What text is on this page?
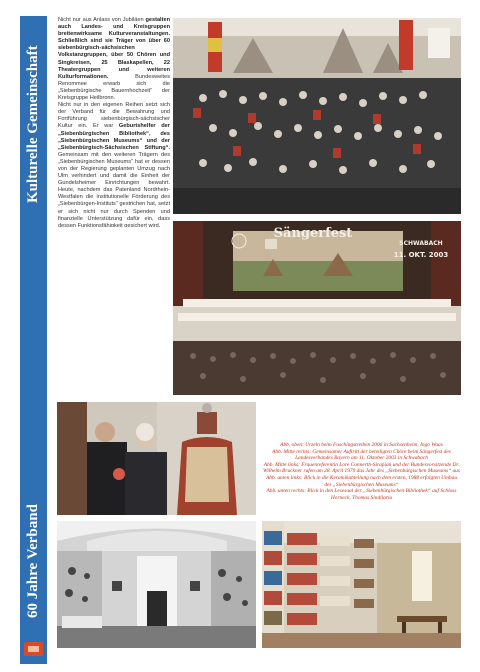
Kulturelle Gemeinschaft
60 Jahre Verband
Nicht nur aus Anlass von Jubiläen gestalten auch Landes- und Kreisgruppen breitenwirksame Kulturveranstaltungen. Schließlich sind sie Träger von über 60 siebenbürgisch-sächsischen Volkstanzgruppen, über 50 Chören und Singkreisen, 25 Blaskapellen, 22 Theatergruppen und weiteren Kulturformationen. Bundesweites Renommee erwarb sich die „Siebenbürgische Bauernhochzeit“ der Kreisgruppe Heilbronn.
Nicht nur in den eigenen Reihen setzt sich der Verband für die Bewahrung und Fortführung siebenbürgisch-sächsischer Kultur ein. Er war Geburtshelfer der „Siebenbürgischen Bibliothek“, des „Siebenbürgischen Museums“ und der „Siebenbürgisch-Sächsischen Stiftung“. Gemeinsam mit den weiteren Trägern des „Siebenbürgischen Museums“ hat er dessen von der Regierung geplanten Umzug nach Ulm verhindert und damit die Einheit der Gundelsheimer Einrichtungen bewahrt. Heute, nachdem das Patenland Nordrhein-Westfalen die institutionelle Förderung des „Siebenbürgen-Instituts“ gestrichen hat, setzt er sich nicht nur durch Spenden und finanzielle Unterstützung dafür ein, dass dessen Funktionsfähigkeit gesichert wird.
Sängerfest
SCHWABACH
11. OKT. 2003

Abb. oben: Urzeln beim Faschingstreiben 2006 in Sachsenheim, Ingo Waas

Abb. Mitte rechts: Gemeinsamer Auftritt der beteiligten Chöre beim Sängerfest des Landesverbandes Bayern am 11. Oktober 2003 in Schwabach

Abb. Mitte links: Frauenreferentin Lore Connerth-Sirapian und der Bundesvorsitzende Dr. Wilhelm Bruckner rufen am 28. April 1979 das Jahr des „Siebenbürgischen Museums“ aus

Abb. unten links: Blick in die Keramikabteilung nach dem ersten, 1988 erfolgten Umbau des „Siebenbürgischen Museums“

Abb. unten rechts: Blick in den Lesesaal der „Siebenbürgischen Bibliothek“ auf Schloss Horneck, Thomas Sindilariu
